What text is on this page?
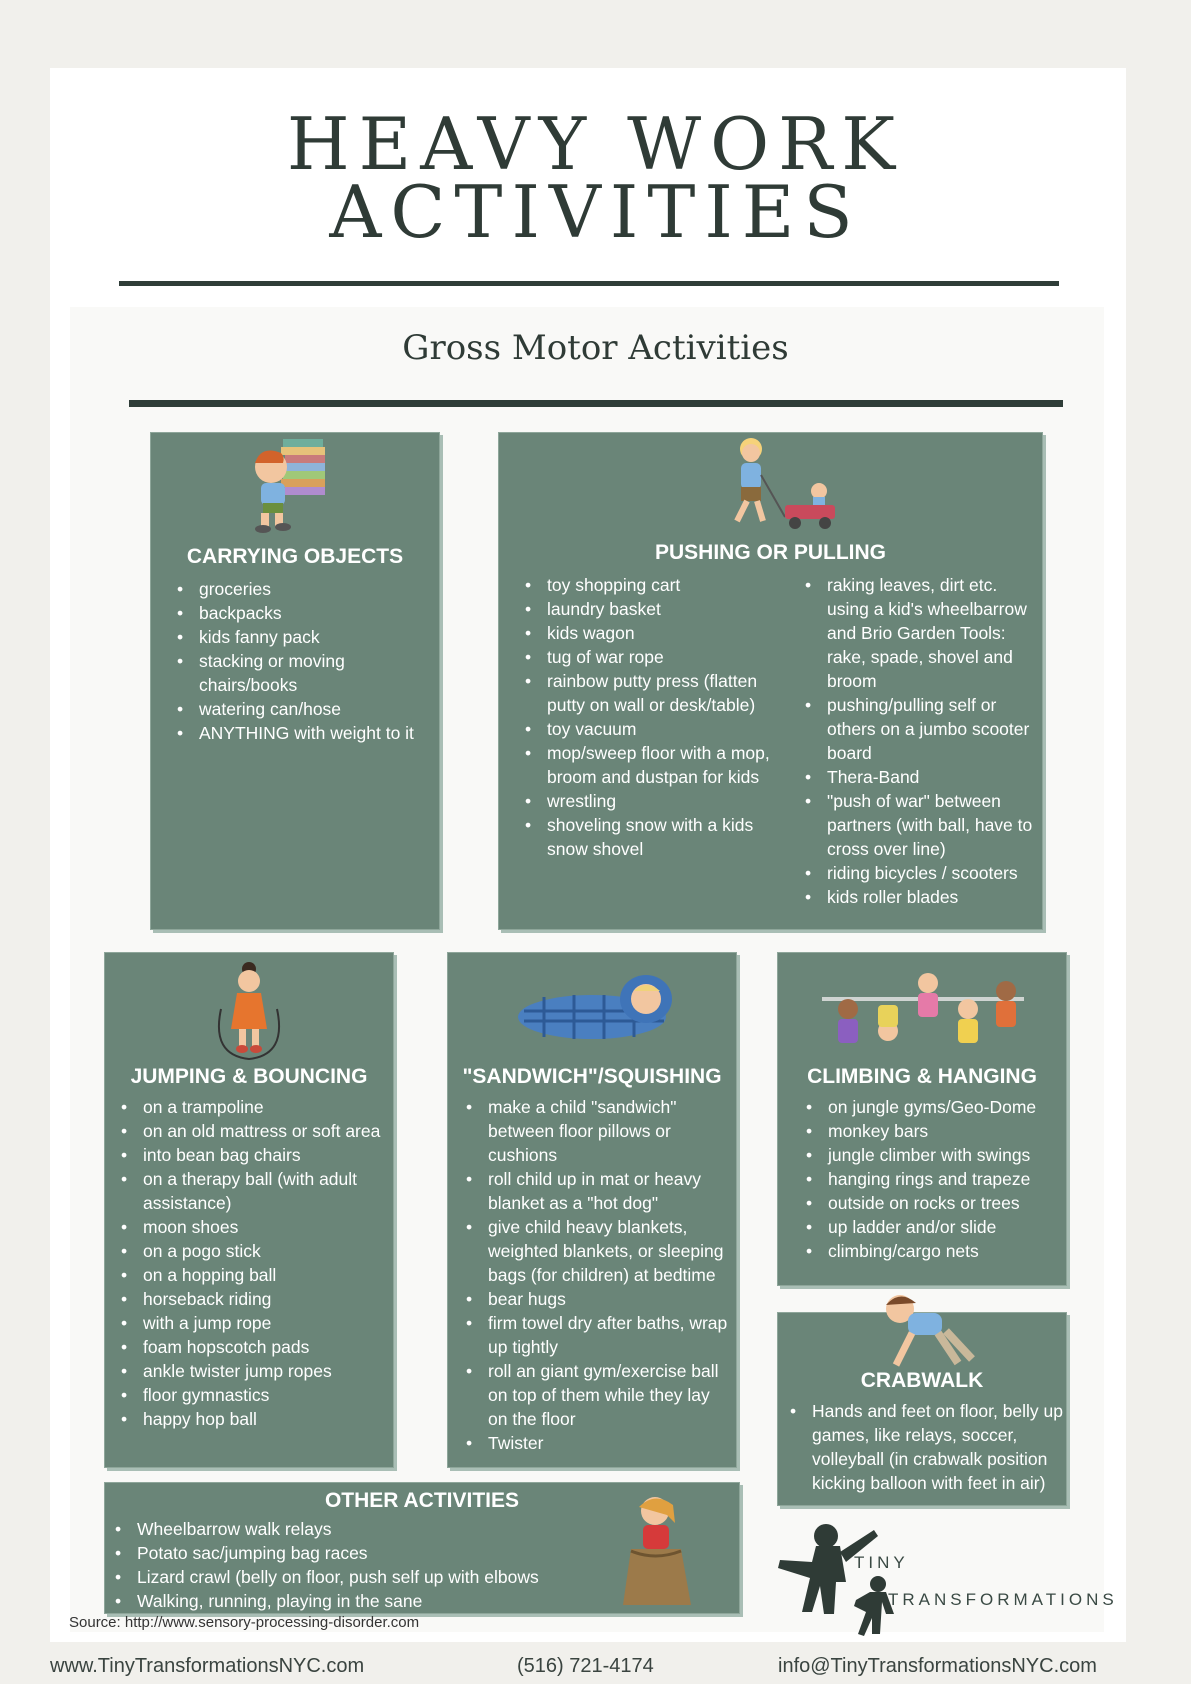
HEAVY WORK
ACTIVITIES
Gross Motor Activities
CARRYING OBJECTS
• groceries
• backpacks
• kids fanny pack
• stacking or moving chairs/books
• watering can/hose
• ANYTHING with weight to it
PUSHING OR PULLING
• toy shopping cart
• laundry basket
• kids wagon
• tug of war rope
• rainbow putty press (flatten putty on wall or desk/table)
• toy vacuum
• mop/sweep floor with a mop, broom and dustpan for kids
• wrestling
• shoveling snow with a kids snow shovel
• raking leaves, dirt etc. using a kid's wheelbarrow and Brio Garden Tools: rake, spade, shovel and broom
• pushing/pulling self or others on a jumbo scooter board
• Thera-Band
• "push of war" between partners (with ball, have to cross over line)
• riding bicycles / scooters
• kids roller blades
JUMPING & BOUNCING
• on a trampoline
• on an old mattress or soft area
• into bean bag chairs
• on a therapy ball (with adult assistance)
• moon shoes
• on a pogo stick
• on a hopping ball
• horseback riding
• with a jump rope
• foam hopscotch pads
• ankle twister jump ropes
• floor gymnastics
• happy hop ball
"SANDWICH"/SQUISHING
• make a child "sandwich" between floor pillows or cushions
• roll child up in mat or heavy blanket as a "hot dog"
• give child heavy blankets, weighted blankets, or sleeping bags (for children) at bedtime
• bear hugs
• firm towel dry after baths, wrap up tightly
• roll an giant gym/exercise ball on top of them while they lay on the floor
• Twister
CLIMBING & HANGING
• on jungle gyms/Geo-Dome
• monkey bars
• jungle climber with swings
• hanging rings and trapeze
• outside on rocks or trees
• up ladder and/or slide
• climbing/cargo nets
CRABWALK
• Hands and feet on floor, belly up games, like relays, soccer, volleyball (in crabwalk position kicking balloon with feet in air)
OTHER ACTIVITIES
• Wheelbarrow walk relays
• Potato sac/jumping bag races
• Lizard crawl (belly on floor, push self up with elbows
• Walking, running, playing in the sane
TINY
TRANSFORMATIONS
Source: http://www.sensory-processing-disorder.com
www.TinyTransformationsNYC.com	(516) 721-4174	info@TinyTransformationsNYC.com
